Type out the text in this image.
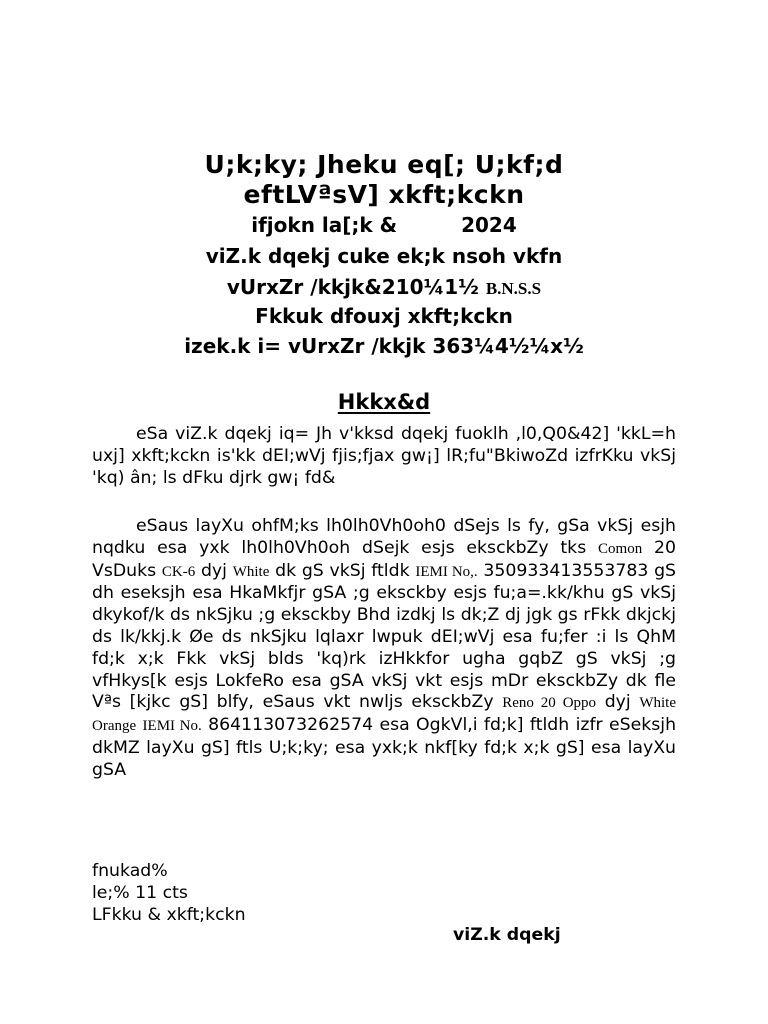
U;k;ky; Jheku eq[; U;kf;d
eftLVªsV] xkft;kckn
ifjokn la[;k &	2024
viZ.k dqekj cuke ek;k nsoh vkfn
vUrxZr /kkjk&210¼1½ B.N.S.S
Fkkuk dfouxj xkft;kckn
izek.k i= vUrxZr /kkjk 363¼4½¼x½
Hkkx&d
eSa viZ.k dqekj iq= Jh v'kksd dqekj fuoklh ,l0,Q0&42] 'kkL=h uxj] xkft;kckn is'kk dEI;wVj fjis;fjax gw¡] lR;fu"BkiwoZd izfrKku vkSj 'kq) ân; ls dFku djrk gw¡ fd&
eSaus layXu ohfM;ks lh0lh0Vh0oh0 dSejs ls fy, gSa vkSj esjh nqdku esa yxk lh0lh0Vh0oh dSejk esjs eksckbZy tks Comon 20 VsDuks CK-6 dyj White dk gS vkSj ftldk IEMI No,. 350933413553783 gS dh eseksjh esa HkaMkfjr gSA ;g eksckby esjs fu;a=.kk/khu gS vkSj dkykof/k ds nkSjku ;g eksckby Bhd izdkj ls dk;Z dj jgk gs rFkk dkjckj ds lk/kkj.k Øe ds nkSjku lqlaxr lwpuk dEI;wVj esa fu;fer :i ls QhM fd;k x;k Fkk vkSj blds 'kq)rk izHkkfor ugha gqbZ gS vkSj ;g vfHkys[k esjs LokfeRo esa gSA vkSj vkt esjs mDr eksckbZy dk fle Vªs [kjkc gS] blfy, eSaus vkt nwljs eksckbZy Reno 20 Oppo dyj White Orange IEMI No. 864113073262574 esa OgkVl,i fd;k] ftldh izfr eSeksjh dkMZ layXu gS] ftls U;k;ky; esa yxk;k nkf[ky fd;k x;k gS] esa layXu gSA
fnukad%
le;% 11 cts
LFkku & xkft;kckn
viZ.k dqekj
